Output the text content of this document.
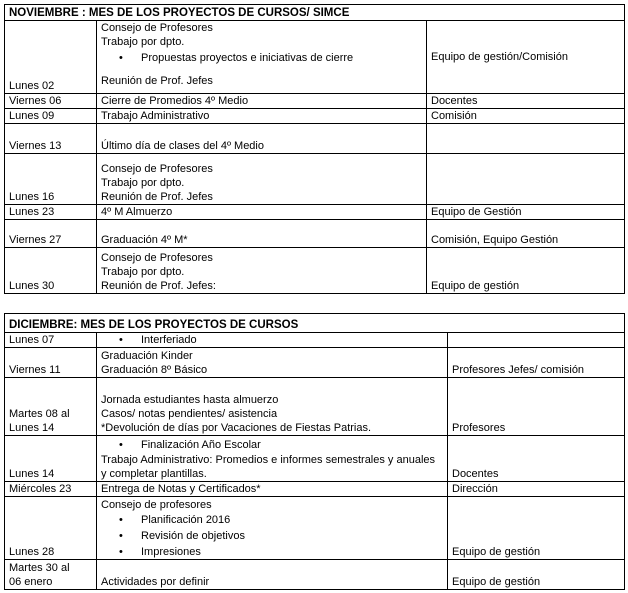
NOVIEMBRE : MES DE LOS PROYECTOS DE CURSOS/ SIMCE		
Lunes 02	Consejo de Profesores
Trabajo por dpto.
• Propuestas proyectos e iniciativas de cierre
Reunión de Prof. Jefes	Equipo de gestión/Comisión
Viernes 06	Cierre de Promedios 4º Medio	Docentes
Lunes 09	Trabajo Administrativo	Comisión
Viernes 13	Último día de clases del 4º Medio	
Lunes 16	Consejo de Profesores
Trabajo por dpto.
Reunión de Prof. Jefes	

Lunes 23	4º M Almuerzo	Equipo de Gestión
Viernes 27	Graduación 4º M*	Comisión, Equipo Gestión
Lunes 30	Consejo de Profesores
Trabajo por dpto.
Reunión de Prof. Jefes:	Equipo de gestión
DICIEMBRE: MES DE LOS PROYECTOS DE CURSOS		
Lunes 07	• Interferiado

Viernes 11	Graduación Kinder
Graduación 8º Básico	Profesores Jefes/ comisión

Martes 08 al
Lunes 14	Jornada estudiantes hasta almuerzo
Casos/ notas pendientes/ asistencia
*Devolución de días por Vacaciones de Fiestas Patrias.	Profesores
Lunes 14	• Finalización Año Escolar
Trabajo Administrativo: Promedios e informes semestrales y anuales y completar plantillas.	Docentes
Miércoles 23	Entrega de Notas y Certificados*	Dirección
Lunes 28	Consejo de profesores
• Planificación 2016
• Revisión de objetivos
• Impresiones	Equipo de gestión

Martes 30 al
06 enero	Actividades por definir	Equipo de gestión
